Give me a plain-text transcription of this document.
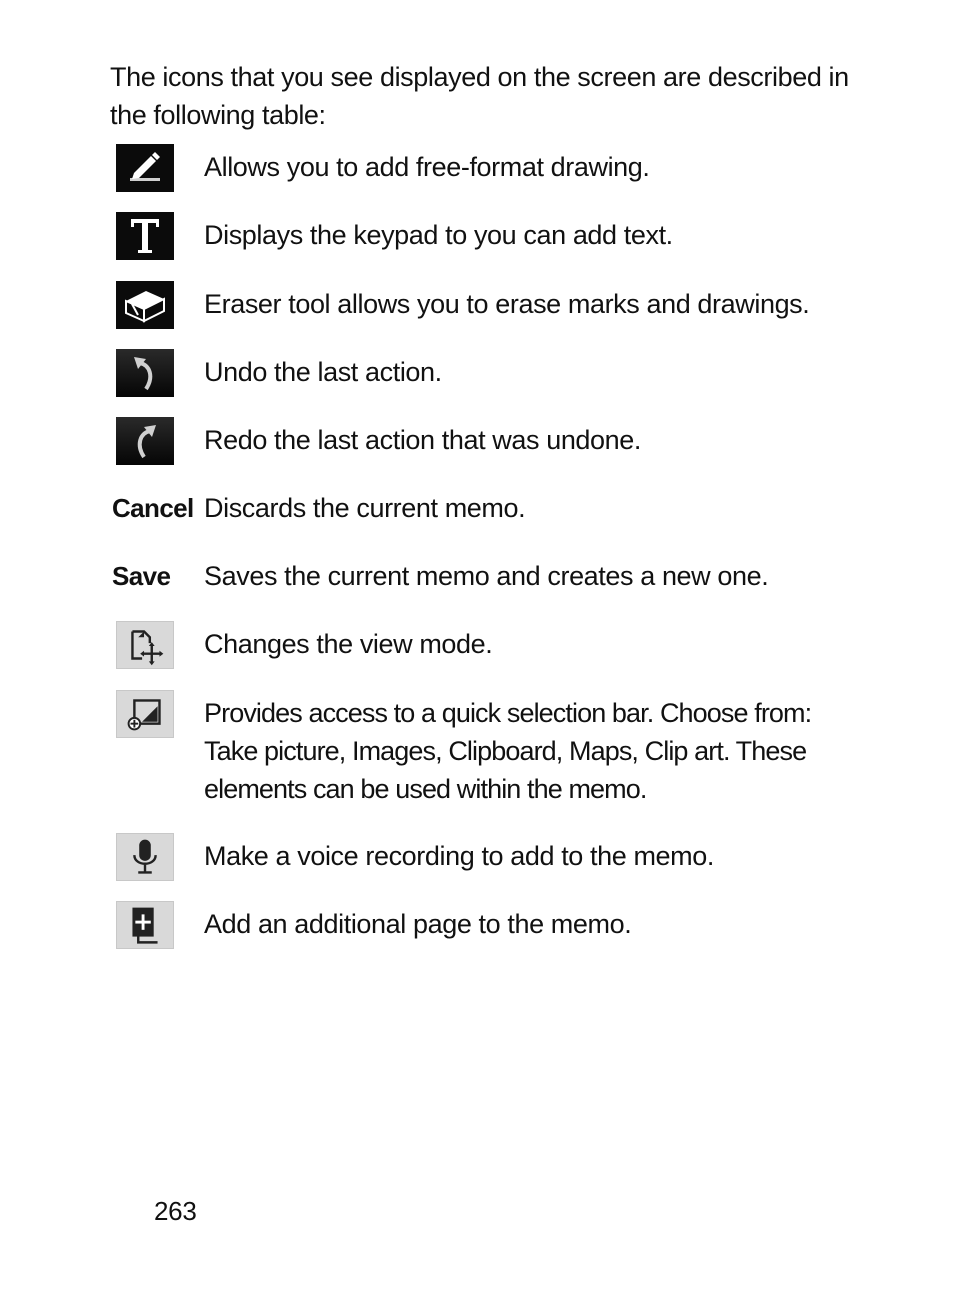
The icons that you see displayed on the screen are described in the following table:
Allows you to add free-format drawing.
Displays the keypad to you can add text.
Eraser tool allows you to erase marks and drawings.
Undo the last action.
Redo the last action that was undone.
Cancel Discards the current memo.
Save Saves the current memo and creates a new one.
Changes the view mode.
Provides access to a quick selection bar. Choose from:
Take picture, Images, Clipboard, Maps, Clip art. These
elements can be used within the memo.
Make a voice recording to add to the memo.
Add an additional page to the memo.
263
